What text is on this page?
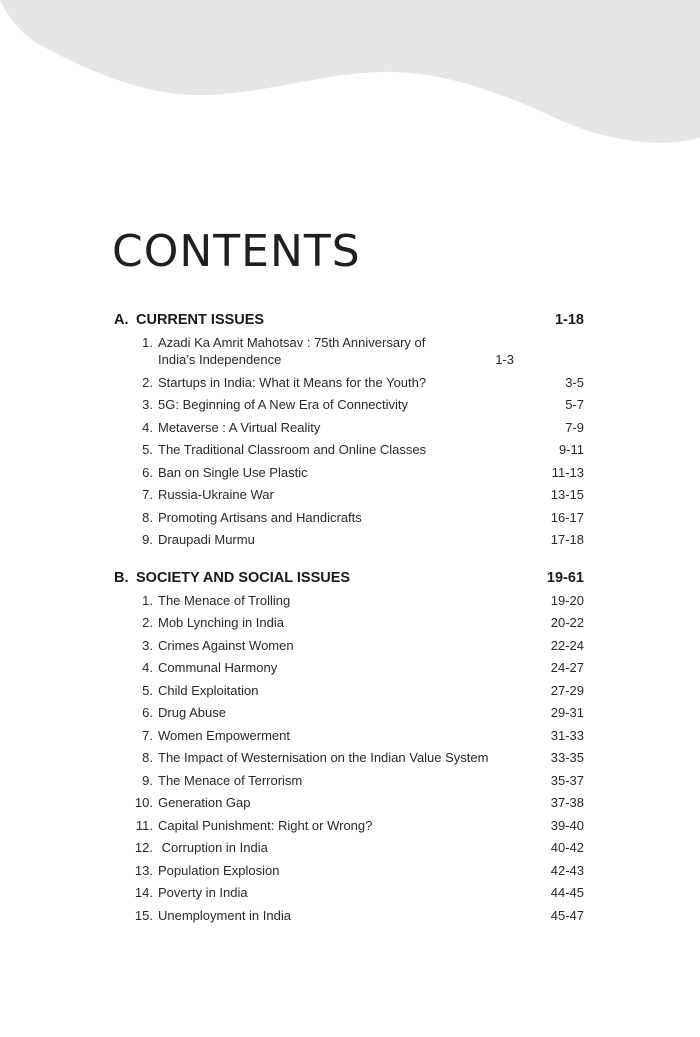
CONTENTS
A. CURRENT ISSUES	1-18
1. Azadi Ka Amrit Mahotsav : 75th Anniversary of India’s Independence	1-3
2. Startups in India: What it Means for the Youth?	3-5
3. 5G: Beginning of A New Era of Connectivity	5-7
4. Metaverse : A Virtual Reality	7-9
5. The Traditional Classroom and Online Classes	9-11
6. Ban on Single Use Plastic	11-13
7. Russia-Ukraine War	13-15
8. Promoting Artisans and Handicrafts	16-17
9. Draupadi Murmu	17-18
B. SOCIETY AND SOCIAL ISSUES	19-61
1. The Menace of Trolling	19-20
2. Mob Lynching in India	20-22
3. Crimes Against Women	22-24
4. Communal Harmony	24-27
5. Child Exploitation	27-29
6. Drug Abuse	29-31
7. Women Empowerment	31-33
8. The Impact of Westernisation on the Indian Value System	33-35
9. The Menace of Terrorism	35-37
10. Generation Gap	37-38
11. Capital Punishment: Right or Wrong?	39-40
12. Corruption in India	40-42
13. Population Explosion	42-43
14. Poverty in India	44-45
15. Unemployment in India	45-47
